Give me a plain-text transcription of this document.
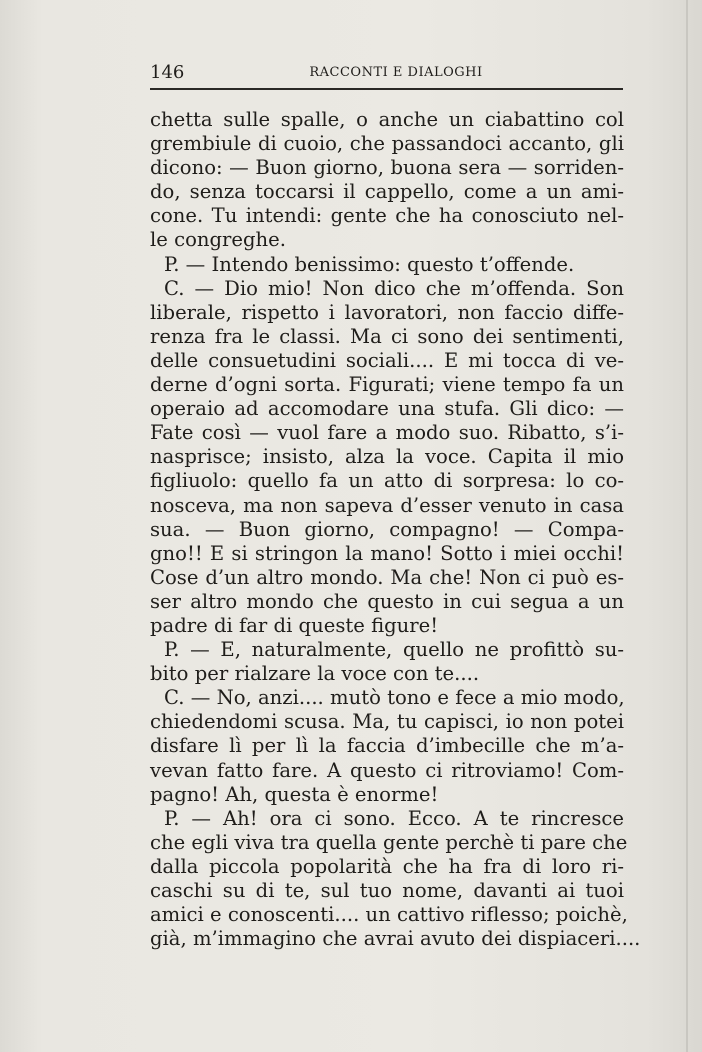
146	RACCONTI E DIALOGHI
chetta sulle spalle, o anche un ciabattino col
grembiule di cuoio, che passandoci accanto, gli
dicono: — Buon giorno, buona sera — sorriden-
do, senza toccarsi il cappello, come a un ami-
cone. Tu intendi: gente che ha conosciuto nel-
le congreghe.
P. — Intendo benissimo: questo t’offende.
C. — Dio mio! Non dico che m’offenda. Son
liberale, rispetto i lavoratori, non faccio diffe-
renza fra le classi. Ma ci sono dei sentimenti,
delle consuetudini sociali.... E mi tocca di ve-
derne d’ogni sorta. Figurati; viene tempo fa un
operaio ad accomodare una stufa. Gli dico: —
Fate così — vuol fare a modo suo. Ribatto, s’i-
nasprisce; insisto, alza la voce. Capita il mio
figliuolo: quello fa un atto di sorpresa: lo co-
nosceva, ma non sapeva d’esser venuto in casa
sua. — Buon giorno, compagno! — Compa-
gno!! E si stringon la mano! Sotto i miei occhi!
Cose d’un altro mondo. Ma che! Non ci può es-
ser altro mondo che questo in cui segua a un
padre di far di queste figure!
P. — E, naturalmente, quello ne profittò su-
bito per rialzare la voce con te....
C. — No, anzi.... mutò tono e fece a mio modo,
chiedendomi scusa. Ma, tu capisci, io non potei
disfare lì per lì la faccia d’imbecille che m’a-
vevan fatto fare. A questo ci ritroviamo! Com-
pagno! Ah, questa è enorme!
P. — Ah! ora ci sono. Ecco. A te rincresce
che egli viva tra quella gente perchè ti pare che
dalla piccola popolarità che ha fra di loro ri-
caschi su di te, sul tuo nome, davanti ai tuoi
amici e conoscenti.... un cattivo riflesso; poichè,
già, m’immagino che avrai avuto dei dispiaceri....
